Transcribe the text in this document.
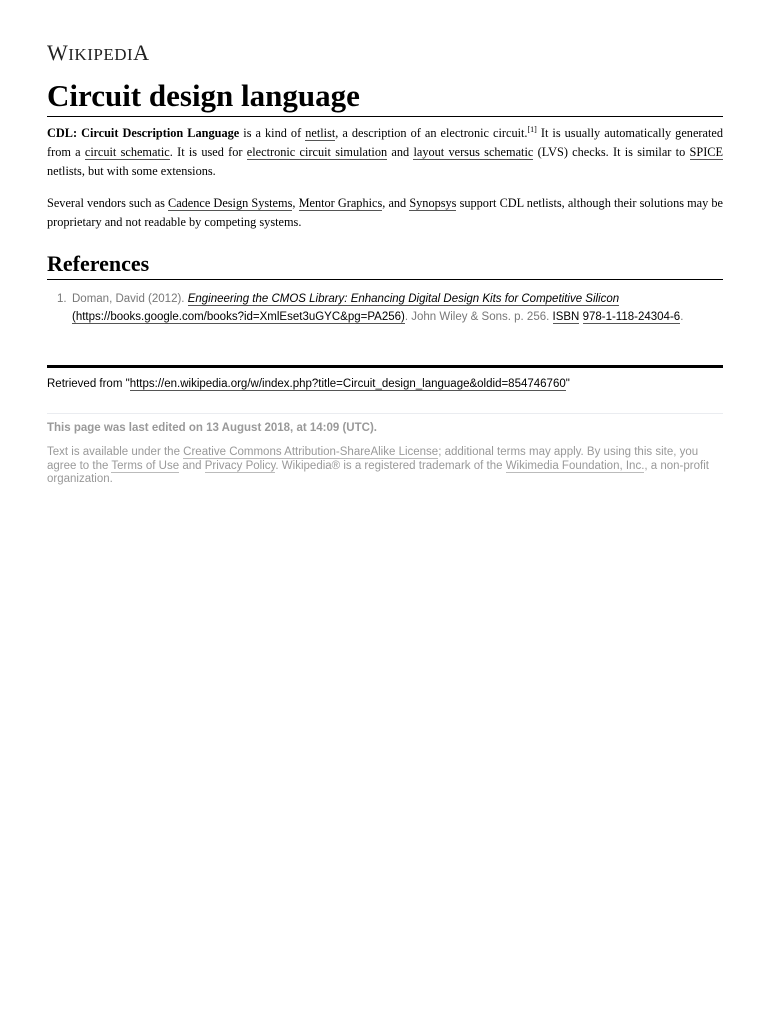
WIKIPEDIA
Circuit design language

CDL: Circuit Description Language is a kind of netlist, a description of an electronic circuit.[1] It is usually automatically generated from a circuit schematic. It is used for electronic circuit simulation and layout versus schematic (LVS) checks. It is similar to SPICE netlists, but with some extensions.

Several vendors such as Cadence Design Systems, Mentor Graphics, and Synopsys support CDL netlists, although their solutions may be proprietary and not readable by competing systems.

References
1. Doman, David (2012). Engineering the CMOS Library: Enhancing Digital Design Kits for Competitive Silicon (https://books.google.com/books?id=XmlEset3uGYC&pg=PA256). John Wiley & Sons. p. 256. ISBN 978-1-118-24304-6.
Retrieved from "https://en.wikipedia.org/w/index.php?title=Circuit_design_language&oldid=854746760"
This page was last edited on 13 August 2018, at 14:09 (UTC).
Text is available under the Creative Commons Attribution-ShareAlike License; additional terms may apply. By using this site, you agree to the Terms of Use and Privacy Policy. Wikipedia® is a registered trademark of the Wikimedia Foundation, Inc., a non-profit organization.
